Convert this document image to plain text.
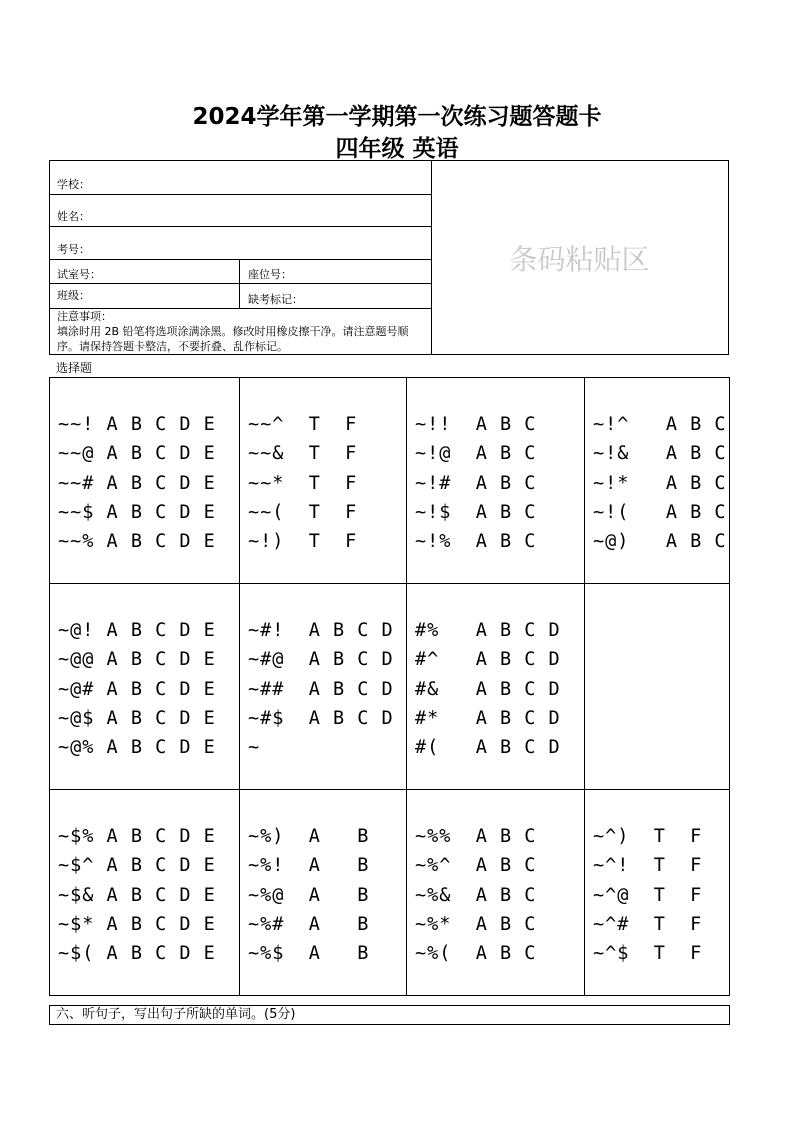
2024学年第一学期第一次练习题答题卡
四年级 英语
学校：
姓名：
考号：
试室号：	座位号：
班级：	缺考标记：
注意事项：
填涂时用 2B 铅笔将选项涂满涂黑。修改时用橡皮擦干净。请注意题号顺序。请保持答题卡整洁，不要折叠、乱作标记。
条码粘贴区
选择题
~~! A B C D E
~~@ A B C D E
~~# A B C D E
~~$ A B C D E
~~% A B C D E
~~^  T  F
~~&  T  F
~~*  T  F
~~(  T  F
~!)  T  F
~!!  A B C
~!@  A B C
~!#  A B C
~!$  A B C
~!%  A B C
~!^   A B C
~!&   A B C
~!*   A B C
~!(   A B C
~@)   A B C
~@! A B C D E
~@@ A B C D E
~@# A B C D E
~@$ A B C D E
~@% A B C D E
~#!  A B C D
~#@  A B C D
~##  A B C D
~#$  A B C D
~
#%   A B C D
#^   A B C D
#&   A B C D
#*   A B C D
#(   A B C D
~$% A B C D E
~$^ A B C D E
~$& A B C D E
~$* A B C D E
~$( A B C D E
~%)  A   B
~%!  A   B
~%@  A   B
~%#  A   B
~%$  A   B
~%%  A B C
~%^  A B C
~%&  A B C
~%*  A B C
~%(  A B C
~^)  T  F
~^!  T  F
~^@  T  F
~^#  T  F
~^$  T  F
六、听句子，写出句子所缺的单词。(5分)
